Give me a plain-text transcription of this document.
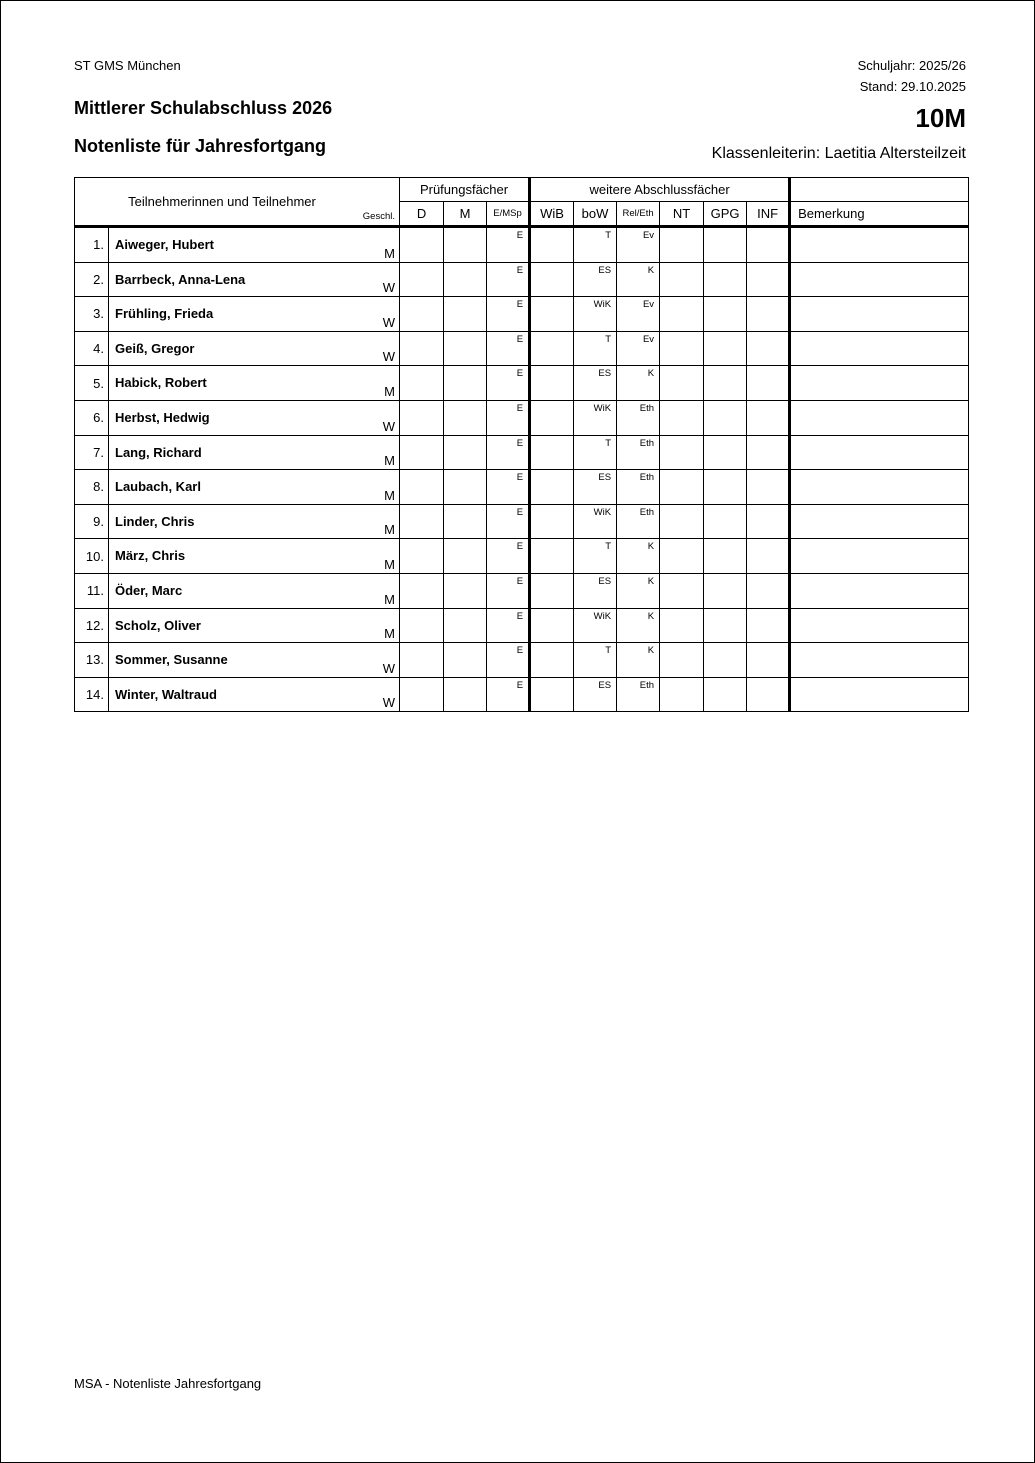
ST GMS München	Schuljahr: 2025/26
Stand: 29.10.2025
Mittlerer Schulabschluss 2026
Notenliste für Jahresfortgang
10M
Klassenleiterin: Laetitia Altersteilzeit
Teilnehmerinnen und Teilnehmer
Geschl.			Prüfungsfächer			weitere Abschlussfächer						
			D	M	E/MSp	WiB	boW	Rel/Eth	NT	GPG	INF	Bemerkung
1.	Aiweger, Hubert	M			E		T	Ev				

2.	Barrbeck, Anna-Lena	W			E		ES	K				

3.	Frühling, Frieda	W			E		WiK	Ev				

4.	Geiß, Gregor	W			E		T	Ev				

5.	Habick, Robert	M			E		ES	K				

6.	Herbst, Hedwig	W			E		WiK	Eth				

7.	Lang, Richard	M			E		T	Eth				

8.	Laubach, Karl	M			E		ES	Eth				

9.	Linder, Chris	M			E		WiK	Eth				

10.	März, Chris	M			E		T	K				

11.	Öder, Marc	M			E		ES	K				

12.	Scholz, Oliver	M			E		WiK	K				

13.	Sommer, Susanne	W			E		T	K				

14.	Winter, Waltraud	W			E		ES	Eth				

MSA - Notenliste Jahresfortgang
